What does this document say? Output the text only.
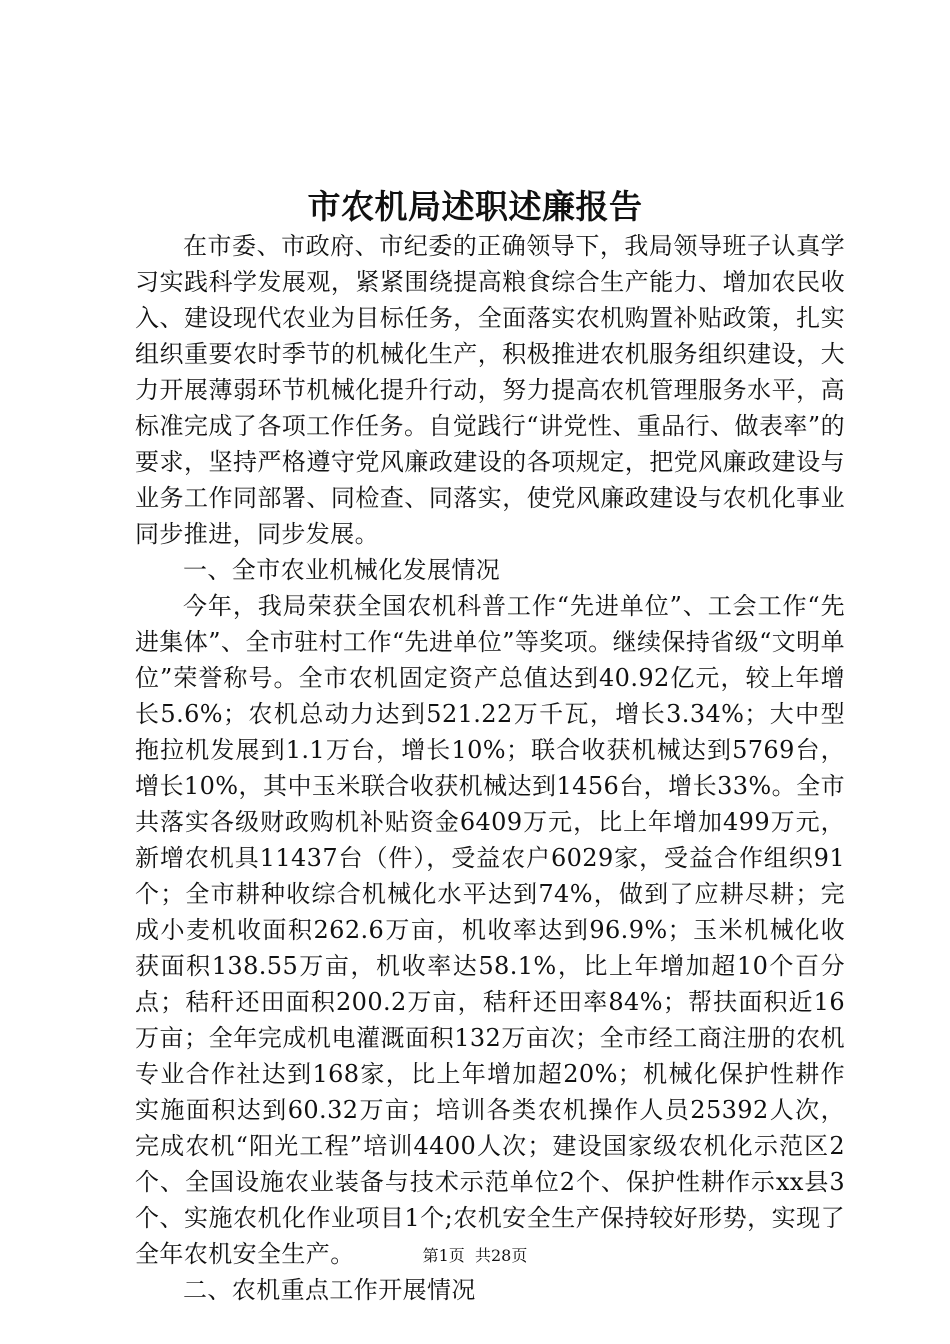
市农机局述职述廉报告

在市委、市政府、市纪委的正确领导下，我局领导班子认真学习实践科学发展观，紧紧围绕提高粮食综合生产能力、增加农民收入、建设现代农业为目标任务，全面落实农机购置补贴政策，扎实组织重要农时季节的机械化生产，积极推进农机服务组织建设，大力开展薄弱环节机械化提升行动，努力提高农机管理服务水平，高标准完成了各项工作任务。自觉践行“讲党性、重品行、做表率”的要求，坚持严格遵守党风廉政建设的各项规定，把党风廉政建设与业务工作同部署、同检查、同落实，使党风廉政建设与农机化事业同步推进，同步发展。

一、全市农业机械化发展情况

今年，我局荣获全国农机科普工作“先进单位”、工会工作“先进集体”、全市驻村工作“先进单位”等奖项。继续保持省级“文明单位”荣誉称号。全市农机固定资产总值达到40.92亿元，较上年增长5.6%；农机总动力达到521.22万千瓦，增长3.34%；大中型拖拉机发展到1.1万台，增长10%；联合收获机械达到5769台，增长10%，其中玉米联合收获机械达到1456台，增长33%。全市共落实各级财政购机补贴资金6409万元，比上年增加499万元，新增农机具11437台（件），受益农户6029家，受益合作组织91个；全市耕种收综合机械化水平达到74%，做到了应耕尽耕；完成小麦机收面积262.6万亩，机收率达到96.9%；玉米机械化收获面积138.55万亩，机收率达58.1%，比上年增加超10个百分点；秸秆还田面积200.2万亩，秸秆还田率84%；帮扶面积近16万亩；全年完成机电灌溉面积132万亩次；全市经工商注册的农机专业合作社达到168家，比上年增加超20%；机械化保护性耕作实施面积达到60.32万亩；培训各类农机操作人员25392人次，完成农机“阳光工程”培训4400人次；建设国家级农机化示范区2个、全国设施农业装备与技术示范单位2个、保护性耕作示xx县3个、实施农机化作业项目1个;农机安全生产保持较好形势，实现了全年农机安全生产。

二、农机重点工作开展情况

第1页 共28页
